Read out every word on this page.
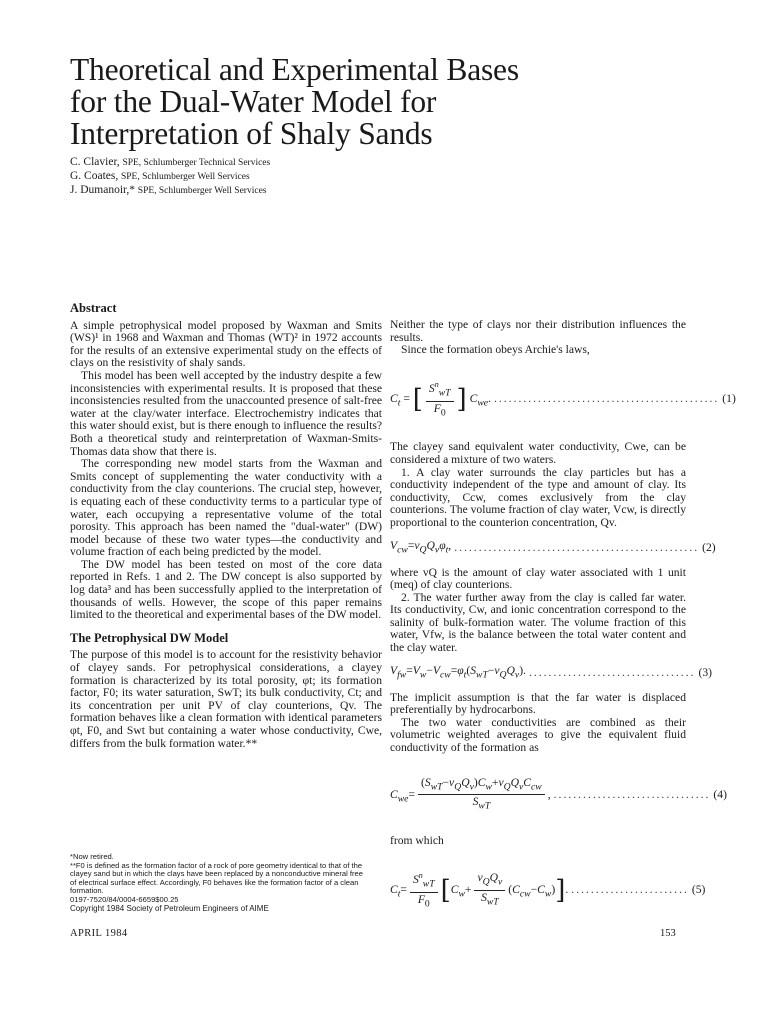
Theoretical and Experimental Bases
for the Dual-Water Model for
Interpretation of Shaly Sands
C. Clavier, SPE, Schlumberger Technical Services
G. Coates, SPE, Schlumberger Well Services
J. Dumanoir,* SPE, Schlumberger Well Services
Abstract

A simple petrophysical model proposed by Waxman and Smits (WS)¹ in 1968 and Waxman and Thomas (WT)² in 1972 accounts for the results of an extensive experimental study on the effects of clays on the resistivity of shaly sands.

This model has been well accepted by the industry despite a few inconsistencies with experimental results. It is proposed that these inconsistencies resulted from the unaccounted presence of salt-free water at the clay/water interface. Electrochemistry indicates that this water should exist, but is there enough to influence the results? Both a theoretical study and reinterpretation of Waxman-Smits-Thomas data show that there is.

The corresponding new model starts from the Waxman and Smits concept of supplementing the water conductivity with a conductivity from the clay counterions. The crucial step, however, is equating each of these conductivity terms to a particular type of water, each occupying a representative volume of the total porosity. This approach has been named the "dual-water" (DW) model because of these two water types—the conductivity and volume fraction of each being predicted by the model.

The DW model has been tested on most of the core data reported in Refs. 1 and 2. The DW concept is also supported by log data³ and has been successfully applied to the interpretation of thousands of wells. However, the scope of this paper remains limited to the theoretical and experimental bases of the DW model.

The Petrophysical DW Model

The purpose of this model is to account for the resistivity behavior of clayey sands. For petrophysical considerations, a clayey formation is characterized by its total porosity, φt; its formation factor, F0; its water saturation, SwT; its bulk conductivity, Ct; and its concentration per unit PV of clay counterions, Qv. The formation behaves like a clean formation with identical parameters φt, F0, and Swt but containing a water whose conductivity, Cwe, differs from the bulk formation water.**

*Now retired.
**F0 is defined as the formation factor of a rock of pore geometry identical to that of the clayey sand but in which the clays have been replaced by a nonconductive mineral free of electrical surface effect. Accordingly, F0 behaves like the formation factor of a clean formation.
0197-7520/84/0004-6659$00.25
Copyright 1984 Society of Petroleum Engineers of AIME

Neither the type of clays nor their distribution influences the results.

Since the formation obeys Archie's laws,

$C_t$ = [ $\frac{S^n_{wT}}{F_0}$ ] $C_{we}$. .............................................. (1)

The clayey sand equivalent water conductivity, Cwe, can be considered a mixture of two waters.

1. A clay water surrounds the clay particles but has a conductivity independent of the type and amount of clay. Its conductivity, Ccw, comes exclusively from the clay counterions. The volume fraction of clay water, Vcw, is directly proportional to the counterion concentration, Qv.

$V_{cw}=v_QQ_v\varphi_t$, .................................................. (2)

where vQ is the amount of clay water associated with 1 unit (meq) of clay counterions.

2. The water further away from the clay is called far water. Its conductivity, Cw, and ionic concentration correspond to the salinity of bulk-formation water. The volume fraction of this water, Vfw, is the balance between the total water content and the clay water.

$V_{fw}=V_w-V_{cw}=\varphi_t(S_{wT}-v_QQ_v)$. .................................. (3)

The implicit assumption is that the far water is displaced preferentially by hydrocarbons.

The two water conductivities are combined as their volumetric weighted averages to give the equivalent fluid conductivity of the formation as

$C_{we}= \frac{(S_{wT}-v_QQ_v)C_w+v_QQ_vC_{cw}}{S_{wT}}$ , ................................ (4)

from which

$C_t= \frac{S^n_{wT}}{F_0} [C_w+ \frac{v_QQ_v}{S_{wT}} (C_{cw}-C_w)]$. ........................ (5)
APRIL 1984	153
